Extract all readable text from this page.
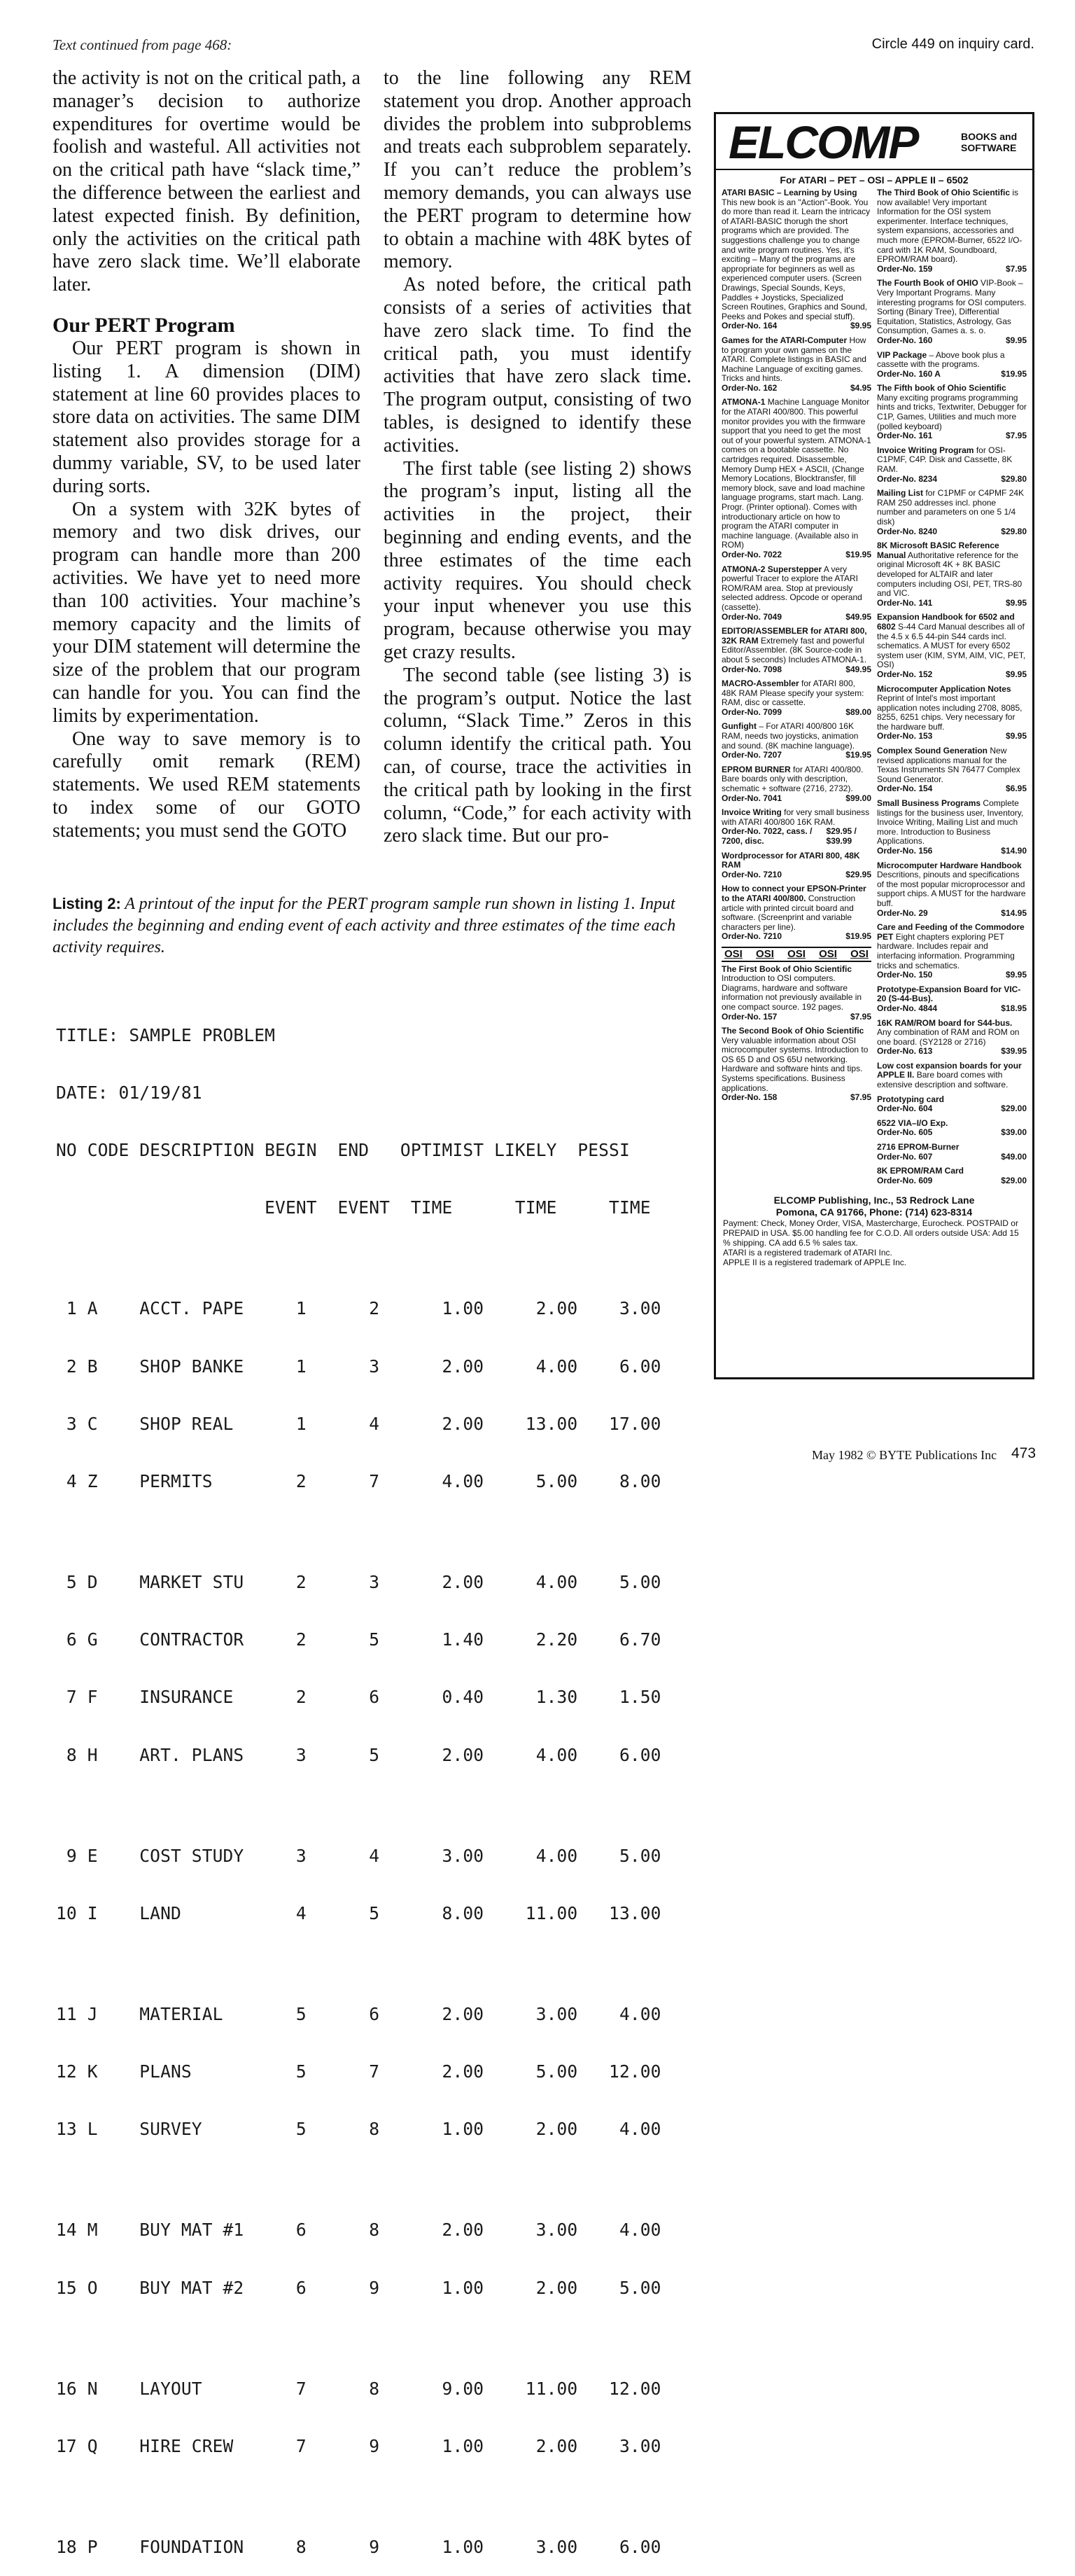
Text continued from page 468:	Circle 449 on inquiry card.

the activity is not on the critical path, a manager’s decision to authorize expenditures for overtime would be foolish and wasteful. All activities not on the critical path have “slack time,” the difference between the earliest and latest expected finish. By definition, only the activities on the critical path have zero slack time. We’ll elaborate later.

Our PERT Program

Our PERT program is shown in listing 1. A dimension (DIM) statement at line 60 provides places to store data on activities. The same DIM statement also provides storage for a dummy variable, SV, to be used later during sorts.

On a system with 32K bytes of memory and two disk drives, our program can handle more than 200 activities. We have yet to need more than 100 activities. Your machine’s memory capacity and the limits of your DIM statement will determine the size of the problem that our program can handle for you. You can find the limits by experimentation.

One way to save memory is to carefully omit remark (REM) statements. We used REM statements to index some of our GOTO statements; you must send the GOTO

to the line following any REM statement you drop. Another approach divides the problem into subproblems and treats each subproblem separately. If you can’t reduce the problem’s memory demands, you can always use the PERT program to determine how to obtain a machine with 48K bytes of memory.

As noted before, the critical path consists of a series of activities that have zero slack time. To find the critical path, you must identify activities that have zero slack time. The program output, consisting of two tables, is designed to identify these activities.

The first table (see listing 2) shows the program’s input, listing all the activities in the project, their beginning and ending events, and the three estimates of the time each activity requires. You should check your input whenever you use this program, because otherwise you may get crazy results.

The second table (see listing 3) is the program’s output. Notice the last column, “Slack Time.” Zeros in this column identify the critical path. You can, of course, trace the activities in the critical path by looking in the first column, “Code,” for each activity with zero slack time. But our pro-

Listing 2: A printout of the input for the PERT program sample run shown in listing 1. Input includes the beginning and ending event of each activity and three estimates of the time each activity requires.

TITLE: SAMPLE PROBLEM

DATE: 01/19/81

NO CODE DESCRIPTION BEGIN  END   OPTIMIST LIKELY  PESSI

EVENT  EVENT  TIME      TIME     TIME

1 A    ACCT. PAPE     1      2      1.00     2.00    3.00

2 B    SHOP BANKE     1      3      2.00     4.00    6.00

3 C    SHOP REAL      1      4      2.00    13.00   17.00

4 Z    PERMITS        2      7      4.00     5.00    8.00

5 D    MARKET STU     2      3      2.00     4.00    5.00

6 G    CONTRACTOR     2      5      1.40     2.20    6.70

7 F    INSURANCE      2      6      0.40     1.30    1.50

8 H    ART. PLANS     3      5      2.00     4.00    6.00

9 E    COST STUDY     3      4      3.00     4.00    5.00

10 I    LAND           4      5      8.00    11.00   13.00

11 J    MATERIAL       5      6      2.00     3.00    4.00

12 K    PLANS          5      7      2.00     5.00   12.00

13 L    SURVEY         5      8      1.00     2.00    4.00

14 M    BUY MAT #1     6      8      2.00     3.00    4.00

15 O    BUY MAT #2     6      9      1.00     2.00    5.00

16 N    LAYOUT         7      8      9.00    11.00   12.00

17 Q    HIRE CREW      7      9      1.00     2.00    3.00

18 P    FOUNDATION     8      9      1.00     3.00    6.00

ELCOMP	BOOKS and
SOFTWARE
For ATARI – PET – OSI – APPLE II – 6502
ATARI BASIC – Learning by Using This new book is an "Action"-Book. You do more than read it. Learn the intricacy of ATARI-BASIC thorugh the short programs which are provided. The suggestions challenge you to change and write program routines. Yes, it's exciting – Many of the programs are appropriate for beginners as well as experienced computer users. (Screen Drawings, Special Sounds, Keys, Paddles + Joysticks, Specialized Screen Routines, Graphics and Sound, Peeks and Pokes and special stuff).
Order-No. 164	$9.95
Games for the ATARI-Computer How to program your own games on the ATARI. Complete listings in BASIC and Machine Language of exciting games. Tricks and hints.
Order-No. 162	$4.95
ATMONA-1 Machine Language Monitor for the ATARI 400/800. This powerful monitor provides you with the firmware support that you need to get the most out of your powerful system. ATMONA-1 comes on a bootable cassette. No cartridges required. Disassemble, Memory Dump HEX + ASCII, (Change Memory Locations, Blocktransfer, fill memory block, save and load machine language programs, start mach. Lang. Progr. (Printer optional). Comes with introductionary article on how to program the ATARI computer in machine language. (Available also in ROM)
Order-No. 7022	$19.95
ATMONA-2 Superstepper A very powerful Tracer to explore the ATARI ROM/RAM area. Stop at previously selected address. Opcode or operand (cassette).
Order-No. 7049	$49.95
EDITOR/ASSEMBLER for ATARI 800, 32K RAM Extremely fast and powerful Editor/Assembler. (8K Source-code in about 5 seconds) Includes ATMONA-1.
Order-No. 7098	$49.95
MACRO-Assembler for ATARI 800, 48K RAM Please specify your system: RAM, disc or cassette.
Order-No. 7099	$89.00
Gunfight – For ATARI 400/800 16K RAM, needs two joysticks, animation and sound. (8K machine language).
Order-No. 7207	$19.95
EPROM BURNER for ATARI 400/800. Bare boards only with description, schematic + software (2716, 2732).
Order-No. 7041	$99.00
Invoice Writing for very small business with ATARI 400/800 16K RAM.
Order-No. 7022, cass. / 7200, disc.
$29.95 / $39.99
Wordprocessor for ATARI 800, 48K RAM
Order-No. 7210	$29.95
How to connect your EPSON-Printer to the ATARI 400/800. Construction article with printed circuit board and software. (Screenprint and variable characters per line).
Order-No. 7210	$19.95
OSI OSI OSI OSI OSI
The First Book of Ohio Scientific Introduction to OSI computers. Diagrams, hardware and software information not previously available in one compact source. 192 pages.
Order-No. 157	$7.95
The Second Book of Ohio Scientific Very valuable information about OSI microcomputer systems. Introduction to OS 65 D and OS 65U networking. Hardware and software hints and tips. Systems specifications. Business applications.
Order-No. 158	$7.95
The Third Book of Ohio Scientific is now available! Very important Information for the OSI system experimenter. Interface techniques, system expansions, accessories and much more (EPROM-Burner, 6522 I/O-card with 1K RAM, Soundboard, EPROM/RAM board).
Order-No. 159	$7.95
The Fourth Book of OHIO VIP-Book – Very Important Programs. Many interesting programs for OSI computers. Sorting (Binary Tree), Differential Equitation, Statistics, Astrology, Gas Consumption, Games a. s. o.
Order-No. 160	$9.95
VIP Package – Above book plus a cassette with the programs.
Order-No. 160 A	$19.95
The Fifth book of Ohio Scientific Many exciting programs programming hints and tricks, Textwriter, Debugger for C1P, Games, Utilities and much more (polled keyboard)
Order-No. 161	$7.95
Invoice Writing Program for OSI-C1PMF, C4P. Disk and Cassette, 8K RAM.
Order-No. 8234	$29.80
Mailing List for C1PMF or C4PMF 24K RAM 250 addresses incl. phone number and parameters on one 5 1/4 disk)
Order-No. 8240	$29.80
8K Microsoft BASIC Reference Manual Authoritative reference for the original Microsoft 4K + 8K BASIC developed for ALTAIR and later computers including OSI, PET, TRS-80 and VIC.
Order-No. 141	$9.95
Expansion Handbook for 6502 and 6802 S-44 Card Manual describes all of the 4.5 x 6.5 44-pin S44 cards incl. schematics. A MUST for every 6502 system user (KIM, SYM, AIM, VIC, PET, OSI)
Order-No. 152	$9.95
Microcomputer Application Notes Reprint of Intel's most important application notes including 2708, 8085, 8255, 6251 chips. Very necessary for the hardware buff.
Order-No. 153	$9.95
Complex Sound Generation New revised applications manual for the Texas Instruments SN 76477 Complex Sound Generator.
Order-No. 154	$6.95
Small Business Programs Complete listings for the business user, Inventory, Invoice Writing, Mailing List and much more. Introduction to Business Applications.
Order-No. 156	$14.90
Microcomputer Hardware Handbook Descritions, pinouts and specifications of the most popular microprocessor and support chips. A MUST for the hardware buff.
Order-No. 29	$14.95
Care and Feeding of the Commodore PET Eight chapters exploring PET hardware. Includes repair and interfacing information. Programming tricks and schematics.
Order-No. 150	$9.95
Prototype-Expansion Board for VIC-20 (S-44-Bus).
Order-No. 4844	$18.95
16K RAM/ROM board for S44-bus. Any combination of RAM and ROM on one board. (SY2128 or 2716)
Order-No. 613	$39.95
Low cost expansion boards for your APPLE II. Bare board comes with extensive description and software.
Prototyping card
Order-No. 604	$29.00
6522 VIA–I/O Exp.
Order-No. 605	$39.00
2716 EPROM-Burner
Order-No. 607	$49.00
8K EPROM/RAM Card
Order-No. 609	$29.00
ELCOMP Publishing, Inc., 53 Redrock Lane
Pomona, CA 91766, Phone: (714) 623-8314
Payment: Check, Money Order, VISA, Mastercharge, Eurocheck. POSTPAID or PREPAID in USA. $5.00 handling fee for C.O.D. All orders outside USA: Add 15 % shipping. CA add 6.5 % sales tax.
ATARI is a registered trademark of ATARI Inc.
APPLE II is a registered trademark of APPLE Inc.
May 1982 © BYTE Publications Inc 473
